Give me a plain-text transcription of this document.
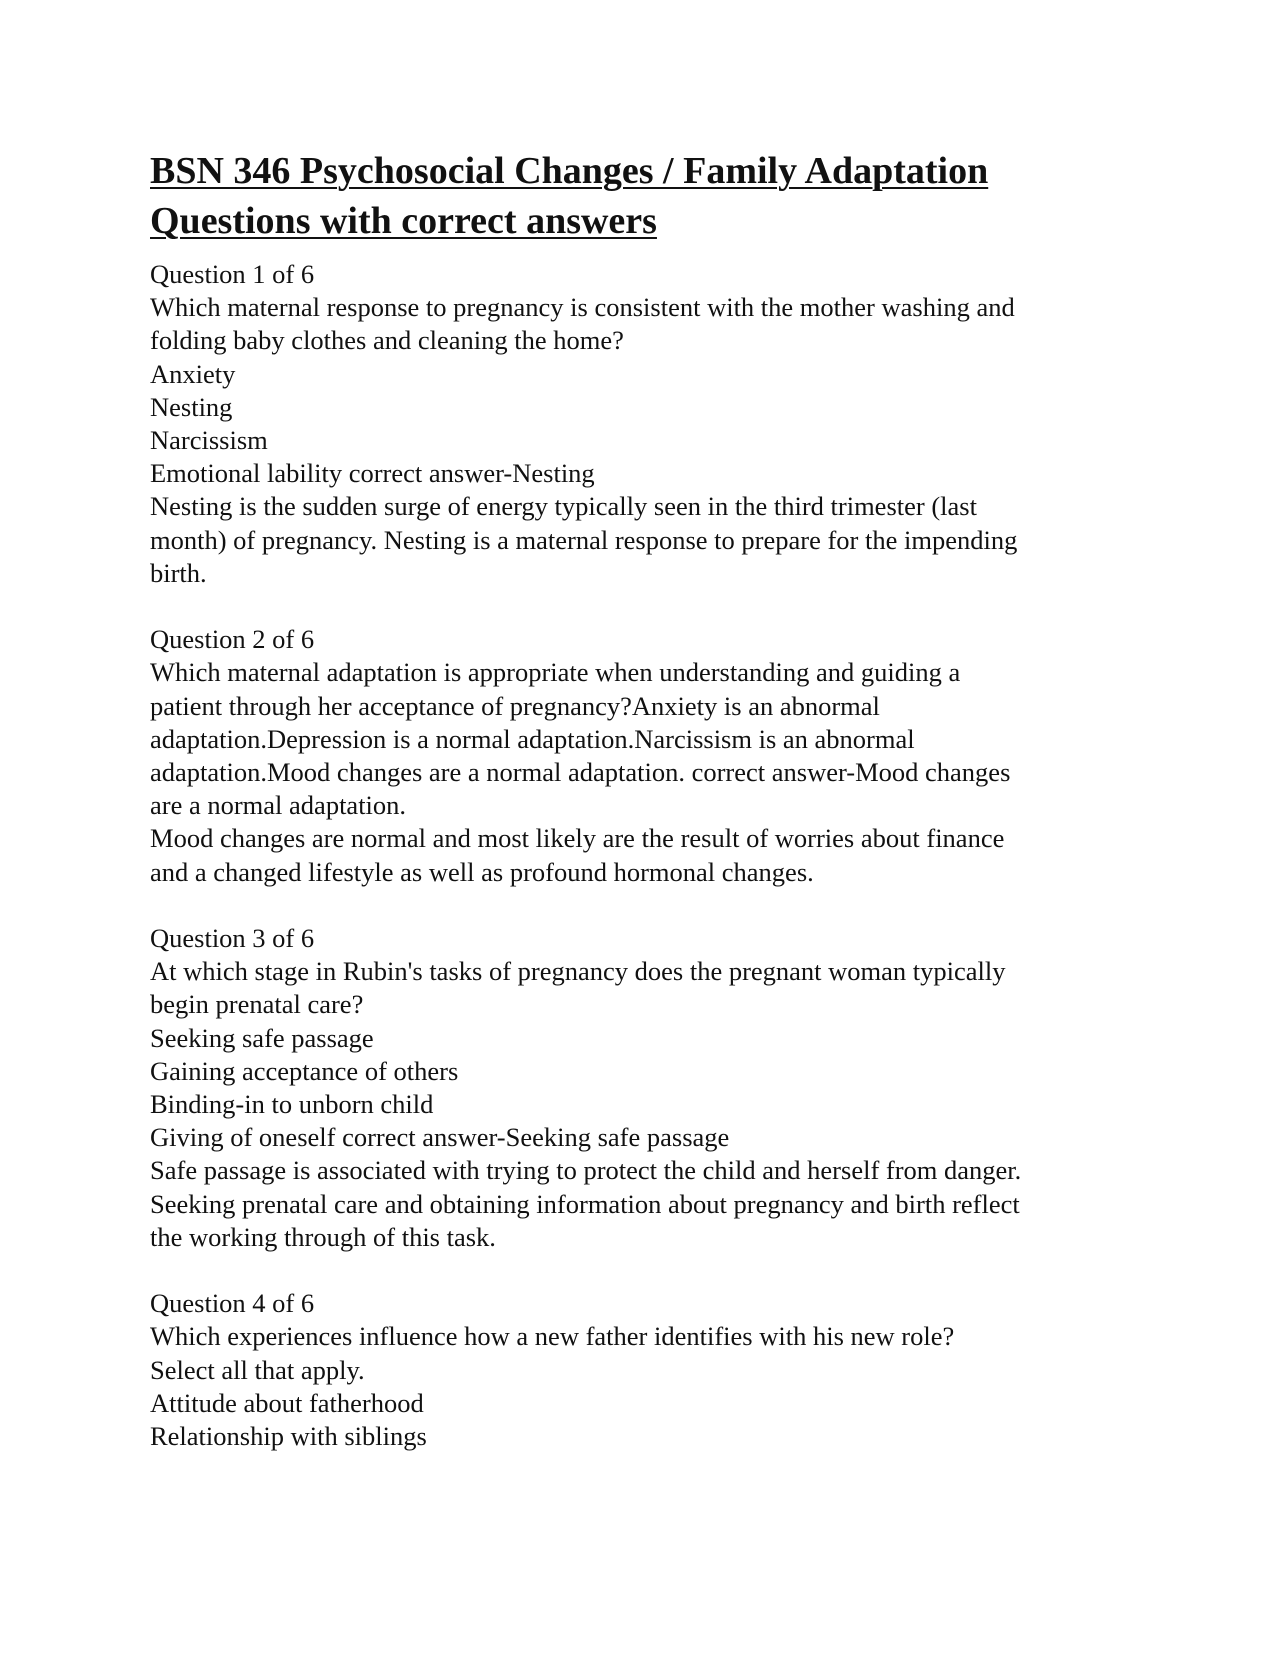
BSN 346 Psychosocial Changes / Family Adaptation
Questions with correct answers
Question 1 of 6
Which maternal response to pregnancy is consistent with the mother washing and
folding baby clothes and cleaning the home?
Anxiety
Nesting
Narcissism
Emotional lability correct answer-Nesting
Nesting is the sudden surge of energy typically seen in the third trimester (last
month) of pregnancy. Nesting is a maternal response to prepare for the impending
birth.
Question 2 of 6
Which maternal adaptation is appropriate when understanding and guiding a
patient through her acceptance of pregnancy?Anxiety is an abnormal
adaptation.Depression is a normal adaptation.Narcissism is an abnormal
adaptation.Mood changes are a normal adaptation. correct answer-Mood changes
are a normal adaptation.
Mood changes are normal and most likely are the result of worries about finance
and a changed lifestyle as well as profound hormonal changes.
Question 3 of 6
At which stage in Rubin's tasks of pregnancy does the pregnant woman typically
begin prenatal care?
Seeking safe passage
Gaining acceptance of others
Binding-in to unborn child
Giving of oneself correct answer-Seeking safe passage
Safe passage is associated with trying to protect the child and herself from danger.
Seeking prenatal care and obtaining information about pregnancy and birth reflect
the working through of this task.
Question 4 of 6
Which experiences influence how a new father identifies with his new role?
Select all that apply.
Attitude about fatherhood
Relationship with siblings
